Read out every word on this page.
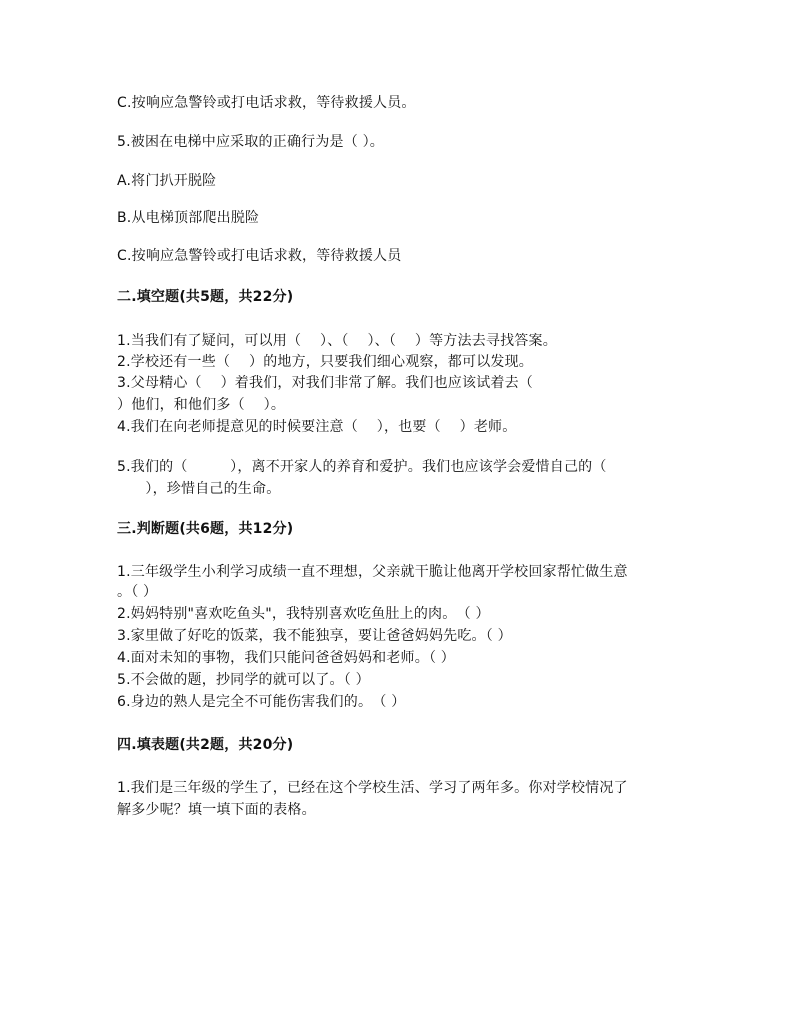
C.按响应急警铃或打电话求救，等待救援人员。
5.被困在电梯中应采取的正确行为是（ ）。
A.将门扒开脱险
B.从电梯顶部爬出脱险
C.按响应急警铃或打电话求救，等待救援人员
二.填空题(共5题，共22分)
1.当我们有了疑问，可以用（　 ）、（　 ）、（　 ）等方法去寻找答案。
2.学校还有一些（　 ）的地方，只要我们细心观察，都可以发现。
3.父母精心（　 ）着我们，对我们非常了解。我们也应该试着去（
）他们，和他们多（　 ）。
4.我们在向老师提意见的时候要注意（　 ），也要（　 ）老师。
5.我们的（　　　），离不开家人的养育和爱护。我们也应该学会爱惜自己的（
　　），珍惜自己的生命。
三.判断题(共6题，共12分)
1.三年级学生小利学习成绩一直不理想，父亲就干脆让他离开学校回家帮忙做生意
。（ ）
2.妈妈特别"喜欢吃鱼头"，我特别喜欢吃鱼肚上的肉。　（ ）
3.家里做了好吃的饭菜，我不能独享，要让爸爸妈妈先吃。（ ）
4.面对未知的事物，我们只能问爸爸妈妈和老师。（ ）
5.不会做的题，抄同学的就可以了。（ ）
6.身边的熟人是完全不可能伤害我们的。　（ ）
四.填表题(共2题，共20分)
1.我们是三年级的学生了，已经在这个学校生活、学习了两年多。你对学校情况了
解多少呢？填一填下面的表格。
